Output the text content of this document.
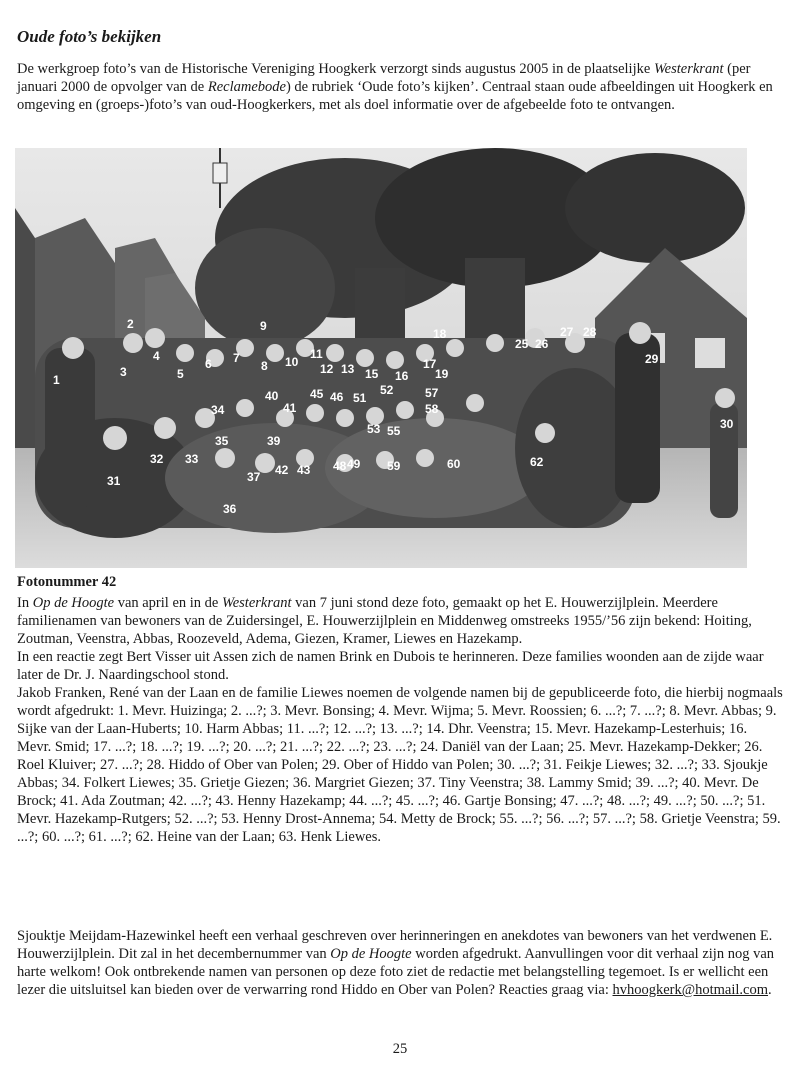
Oude foto’s bekijken

De werkgroep foto’s van de Historische Vereniging Hoogkerk verzorgt sinds augustus 2005 in de plaatselijke Westerkrant (per januari 2000 de opvolger van de Reclamebode) de rubriek ‘Oude foto’s kijken’. Centraal staan oude afbeeldingen uit Hoogkerk en omgeving en (groeps-)foto’s van oud-Hoogkerkers, met als doel informatie over de afgebeelde foto te ontvangen.

1
2
3
4
5
6 7
8
9
10
11
12 13 15 16
17
18
19
25 26
27 28
29
30
31
32 33
34
35
36
37
39
40
41
42 43
45 46
48 49
51
52
53 55
57
58
59	60	62

Fotonummer 42

In Op de Hoogte van april en in de Westerkrant van 7 juni stond deze foto, gemaakt op het E. Houwerzijlplein. Meerdere familienamen van bewoners van de Zuidersingel, E. Houwerzijlplein en Middenweg omstreeks 1955/’56 zijn bekend: Hoiting, Zoutman, Veenstra, Abbas, Roozeveld, Adema, Giezen, Kramer, Liewes en Hazekamp.
In een reactie zegt Bert Visser uit Assen zich de namen Brink en Dubois te herinneren. Deze families woonden aan de zijde waar later de Dr. J. Naardingschool stond.
Jakob Franken, René van der Laan en de familie Liewes noemen de volgende namen bij de gepubliceerde foto, die hierbij nogmaals wordt afgedrukt: 1. Mevr. Huizinga; 2. ...?; 3. Mevr. Bonsing; 4. Mevr. Wijma; 5. Mevr. Roossien; 6. ...?; 7. ...?; 8. Mevr. Abbas; 9. Sijke van der Laan-Huberts; 10. Harm Abbas; 11. ...?; 12. ...?; 13. ...?; 14. Dhr. Veenstra; 15. Mevr. Hazekamp-Lesterhuis; 16. Mevr. Smid; 17. ...?; 18. ...?; 19. ...?; 20. ...?; 21. ...?; 22. ...?; 23. ...?; 24. Daniël van der Laan; 25. Mevr. Hazekamp-Dekker; 26. Roel Kluiver; 27. ...?; 28. Hiddo of Ober van Polen; 29. Ober of Hiddo van Polen; 30. ...?; 31. Feikje Liewes; 32. ...?; 33. Sjoukje Abbas; 34. Folkert Liewes; 35. Grietje Giezen; 36. Margriet Giezen; 37. Tiny Veenstra; 38. Lammy Smid; 39. ...?; 40. Mevr. De Brock; 41. Ada Zoutman; 42. ...?; 43. Henny Hazekamp; 44. ...?; 45. ...?; 46. Gartje Bonsing; 47. ...?; 48. ...?; 49. ...?; 50. ...?; 51. Mevr. Hazekamp-Rutgers; 52. ...?; 53. Henny Drost-Annema; 54. Metty de Brock; 55. ...?; 56. ...?; 57. ...?; 58. Grietje Veenstra; 59. ...?; 60. ...?; 61. ...?; 62. Heine van der Laan; 63. Henk Liewes.

Sjouktje Meijdam-Hazewinkel heeft een verhaal geschreven over herinneringen en anekdotes van bewoners van het verdwenen E. Houwerzijlplein. Dit zal in het decembernummer van Op de Hoogte worden afgedrukt. Aanvullingen voor dit verhaal zijn nog van harte welkom! Ook ontbrekende namen van personen op deze foto ziet de redactie met belangstelling tegemoet. Is er wellicht een lezer die uitsluitsel kan bieden over de verwarring rond Hiddo en Ober van Polen? Reacties graag via: hvhoogkerk@hotmail.com.

25
